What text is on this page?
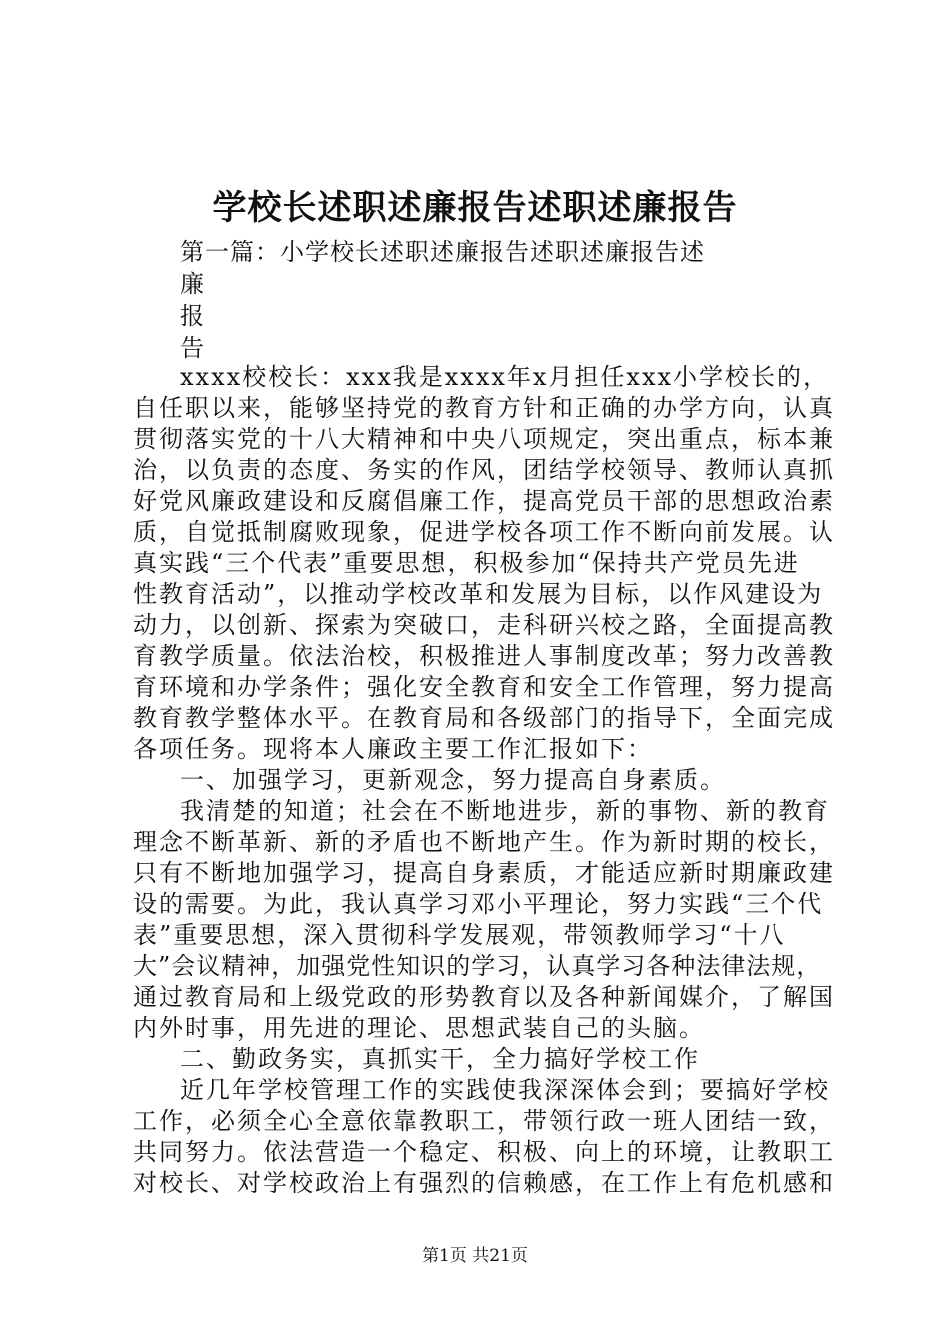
学校长述职述廉报告述职述廉报告
第一篇：小学校长述职述廉报告述职述廉报告述
廉
报
告
xxxx校校长：xxx我是xxxx年x月担任xxx小学校长的，
自任职以来，能够坚持党的教育方针和正确的办学方向，认真
贯彻落实党的十八大精神和中央八项规定，突出重点，标本兼
治，以负责的态度、务实的作风，团结学校领导、教师认真抓
好党风廉政建设和反腐倡廉工作，提高党员干部的思想政治素
质，自觉抵制腐败现象，促进学校各项工作不断向前发展。认
真实践“三个代表”重要思想，积极参加“保持共产党员先进
性教育活动”，以推动学校改革和发展为目标，以作风建设为
动力，以创新、探索为突破口，走科研兴校之路，全面提高教
育教学质量。依法治校，积极推进人事制度改革；努力改善教
育环境和办学条件；强化安全教育和安全工作管理，努力提高
教育教学整体水平。在教育局和各级部门的指导下，全面完成
各项任务。现将本人廉政主要工作汇报如下：
一、加强学习，更新观念，努力提高自身素质。
我清楚的知道；社会在不断地进步，新的事物、新的教育
理念不断革新、新的矛盾也不断地产生。作为新时期的校长，
只有不断地加强学习，提高自身素质，才能适应新时期廉政建
设的需要。为此，我认真学习邓小平理论，努力实践“三个代
表”重要思想，深入贯彻科学发展观，带领教师学习“十八
大”会议精神，加强党性知识的学习，认真学习各种法律法规，
通过教育局和上级党政的形势教育以及各种新闻媒介，了解国
内外时事，用先进的理论、思想武装自己的头脑。
二、勤政务实，真抓实干，全力搞好学校工作
近几年学校管理工作的实践使我深深体会到；要搞好学校
工作，必须全心全意依靠教职工，带领行政一班人团结一致，
共同努力。依法营造一个稳定、积极、向上的环境，让教职工
对校长、对学校政治上有强烈的信赖感，在工作上有危机感和
第1页 共21页
